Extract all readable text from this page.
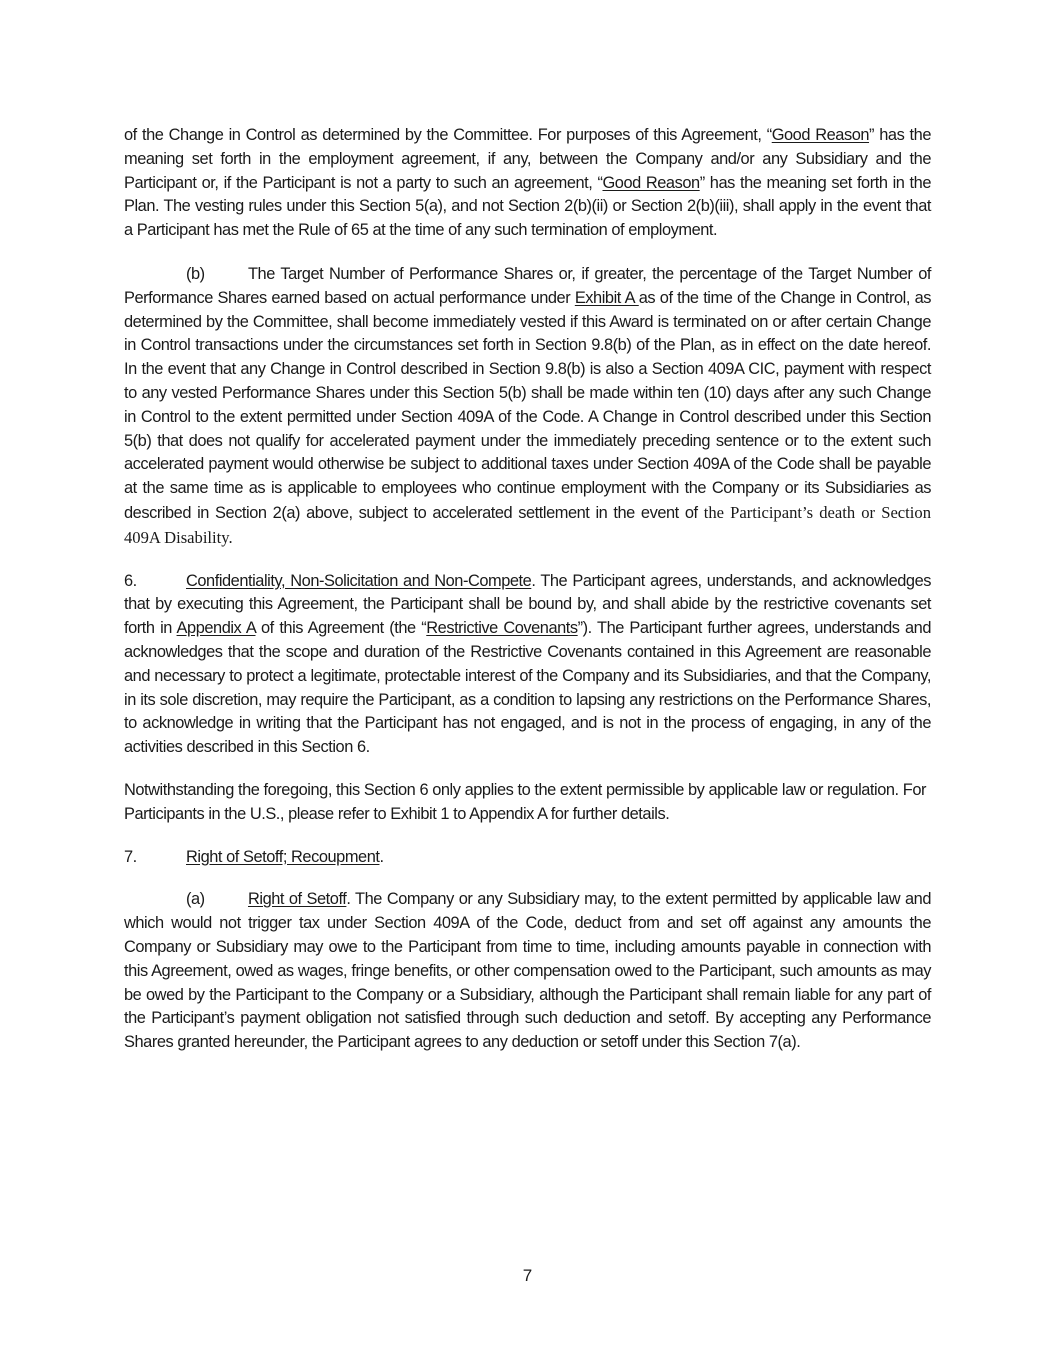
of the Change in Control as determined by the Committee. For purposes of this Agreement, “Good Reason” has the meaning set forth in the employment agreement, if any, between the Company and/or any Subsidiary and the Participant or, if the Participant is not a party to such an agreement, “Good Reason” has the meaning set forth in the Plan. The vesting rules under this Section 5(a), and not Section 2(b)(ii) or Section 2(b)(iii), shall apply in the event that a Participant has met the Rule of 65 at the time of any such termination of employment.

(b)	The Target Number of Performance Shares or, if greater, the percentage of the Target Number of Performance Shares earned based on actual performance under Exhibit A as of the time of the Change in Control, as determined by the Committee, shall become immediately vested if this Award is terminated on or after certain Change in Control transactions under the circumstances set forth in Section 9.8(b) of the Plan, as in effect on the date hereof. In the event that any Change in Control described in Section 9.8(b) is also a Section 409A CIC, payment with respect to any vested Performance Shares under this Section 5(b) shall be made within ten (10) days after any such Change in Control to the extent permitted under Section 409A of the Code. A Change in Control described under this Section 5(b) that does not qualify for accelerated payment under the immediately preceding sentence or to the extent such accelerated payment would otherwise be subject to additional taxes under Section 409A of the Code shall be payable at the same time as is applicable to employees who continue employment with the Company or its Subsidiaries as described in Section 2(a) above, subject to accelerated settlement in the event of the Participant’s death or Section 409A Disability.

6.	Confidentiality, Non-Solicitation and Non-Compete. The Participant agrees, understands, and acknowledges that by executing this Agreement, the Participant shall be bound by, and shall abide by the restrictive covenants set forth in Appendix A of this Agreement (the “Restrictive Covenants”). The Participant further agrees, understands and acknowledges that the scope and duration of the Restrictive Covenants contained in this Agreement are reasonable and necessary to protect a legitimate, protectable interest of the Company and its Subsidiaries, and that the Company, in its sole discretion, may require the Participant, as a condition to lapsing any restrictions on the Performance Shares, to acknowledge in writing that the Participant has not engaged, and is not in the process of engaging, in any of the activities described in this Section 6.

Notwithstanding the foregoing, this Section 6 only applies to the extent permissible by applicable law or regulation. For Participants in the U.S., please refer to Exhibit 1 to Appendix A for further details.

7.	Right of Setoff; Recoupment.

(a)	Right of Setoff. The Company or any Subsidiary may, to the extent permitted by applicable law and which would not trigger tax under Section 409A of the Code, deduct from and set off against any amounts the Company or Subsidiary may owe to the Participant from time to time, including amounts payable in connection with this Agreement, owed as wages, fringe benefits, or other compensation owed to the Participant, such amounts as may be owed by the Participant to the Company or a Subsidiary, although the Participant shall remain liable for any part of the Participant’s payment obligation not satisfied through such deduction and setoff. By accepting any Performance Shares granted hereunder, the Participant agrees to any deduction or setoff under this Section 7(a).

7
